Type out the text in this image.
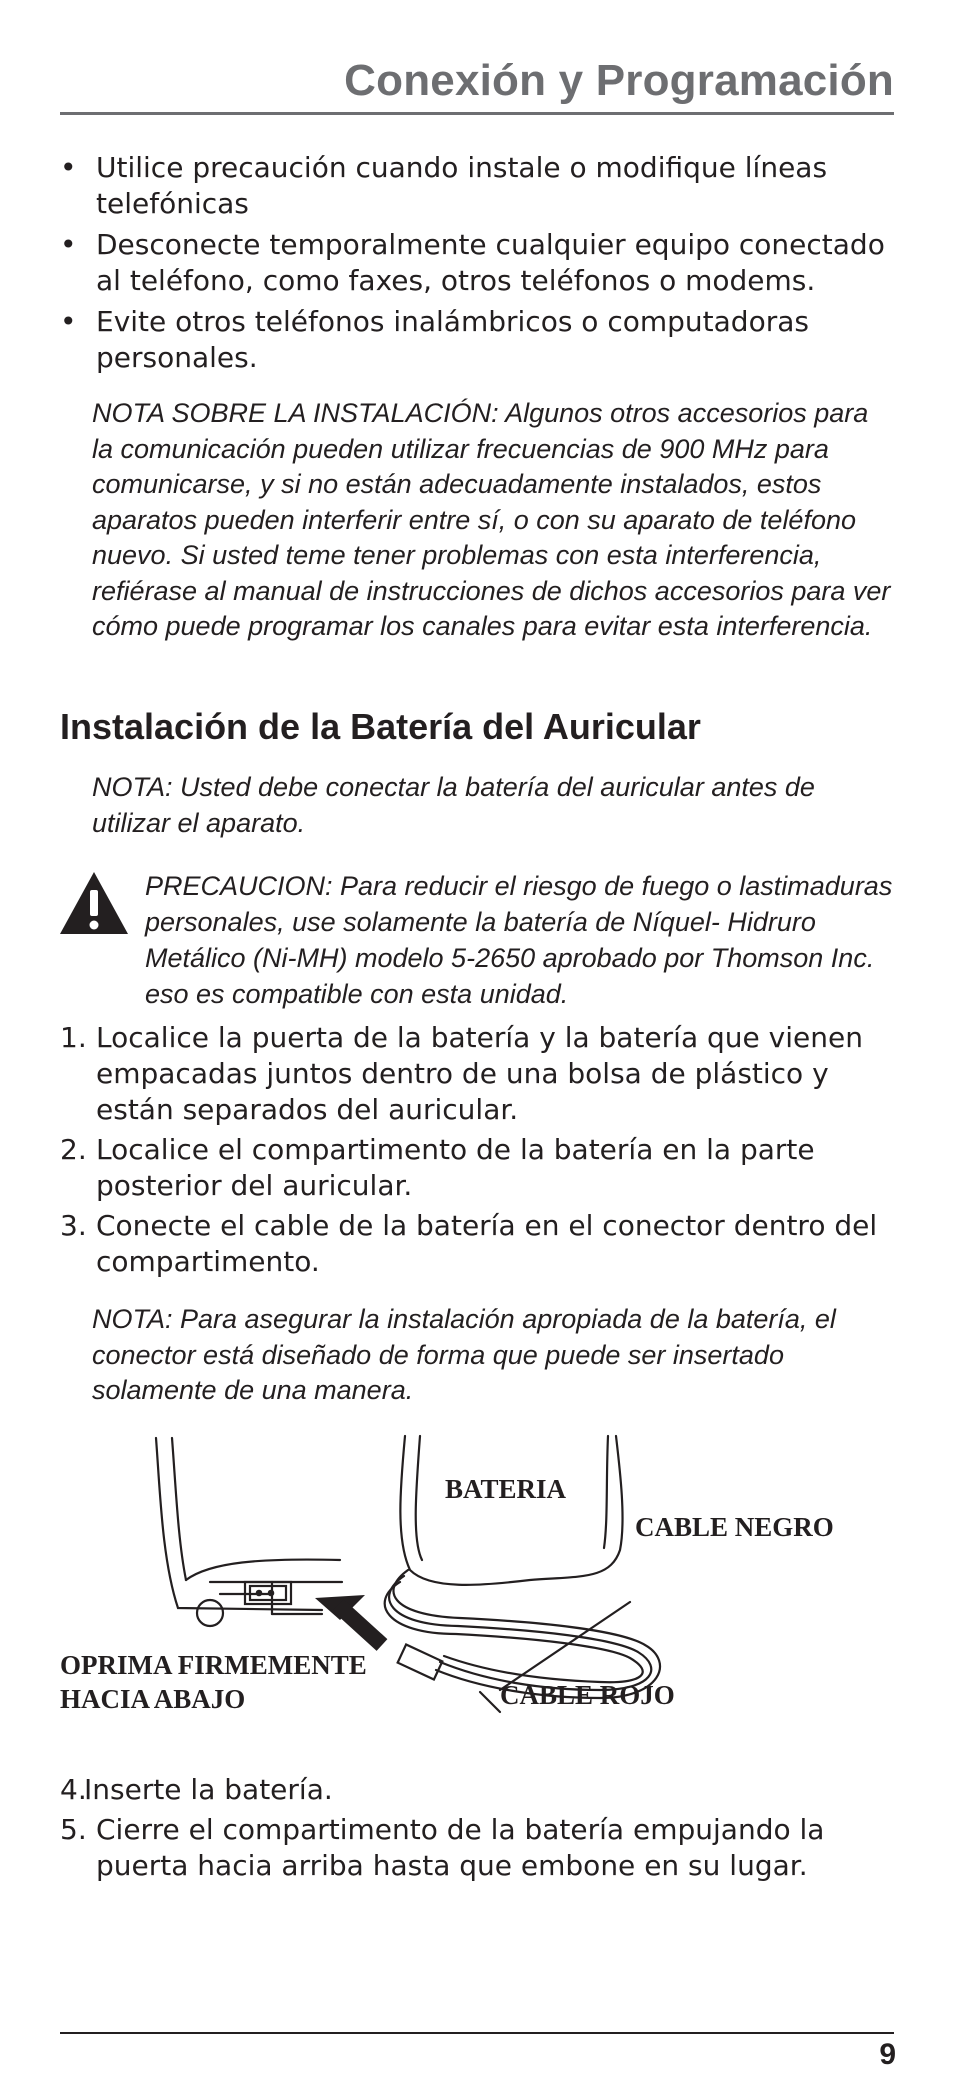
Conexión y Programación
• Utilice precaución cuando instale o modifique líneas telefónicas
• Desconecte temporalmente cualquier equipo conectado al teléfono, como faxes, otros teléfonos o modems.
• Evite otros teléfonos inalámbricos o computadoras personales.

NOTA SOBRE LA INSTALACIÓN: Algunos otros accesorios para la comunicación pueden utilizar frecuencias de 900 MHz para comunicarse, y si no están adecuadamente instalados, estos aparatos pueden interferir entre sí, o con su aparato de teléfono nuevo. Si usted teme tener problemas con esta interferencia, refiérase al manual de instrucciones de dichos accesorios para ver cómo puede programar los canales para evitar esta interferencia.

Instalación de la Batería del Auricular

NOTA: Usted debe conectar la batería del auricular antes de utilizar el aparato.

PRECAUCION: Para reducir el riesgo de fuego o lastimaduras personales, use solamente la batería de Níquel- Hidruro Metálico (Ni-MH) modelo 5-2650 aprobado por Thomson Inc. eso es compatible con esta unidad.

1. Localice la puerta de la batería y la batería que vienen empacadas juntos dentro de una bolsa de plástico y están separados del auricular.
2. Localice el compartimento de la batería en la parte posterior del auricular.
3. Conecte el cable de la batería en el conector dentro del compartimento.

NOTA: Para asegurar la instalación apropiada de la batería, el conector está diseñado de forma que puede ser insertado solamente de una manera.

BATERIA
CABLE NEGRO
OPRIMA FIRMEMENTE
HACIA ABAJO	CABLE ROJO
4.
Inserte la batería.
5. Cierre el compartimento de la batería empujando la puerta hacia arriba hasta que embone en su lugar.
9
